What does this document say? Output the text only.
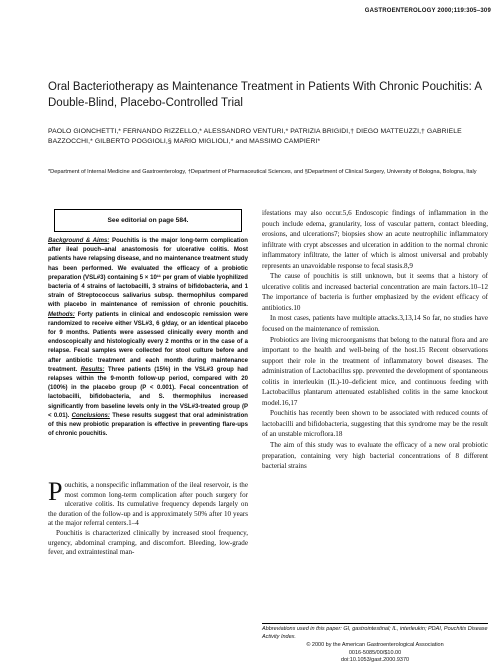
GASTROENTEROLOGY 2000;119:305–309
Oral Bacteriotherapy as Maintenance Treatment in Patients With Chronic Pouchitis: A Double-Blind, Placebo-Controlled Trial
PAOLO GIONCHETTI,* FERNANDO RIZZELLO,* ALESSANDRO VENTURI,* PATRIZIA BRIGIDI,† DIEGO MATTEUZZI,† GABRIELE BAZZOCCHI,* GILBERTO POGGIOLI,§ MARIO MIGLIOLI,* and MASSIMO CAMPIERI*
*Department of Internal Medicine and Gastroenterology, †Department of Pharmaceutical Sciences, and §Department of Clinical Surgery, University of Bologna, Bologna, Italy
See editorial on page 584.
Background & Aims: Pouchitis is the major long-term complication after ileal pouch–anal anastomosis for ulcerative colitis. Most patients have relapsing disease, and no maintenance treatment study has been performed. We evaluated the efficacy of a probiotic preparation (VSL#3) containing 5 × 10¹¹ per gram of viable lyophilized bacteria of 4 strains of lactobacilli, 3 strains of bifidobacteria, and 1 strain of Streptococcus salivarius subsp. thermophilus compared with placebo in maintenance of remission of chronic pouchitis. Methods: Forty patients in clinical and endoscopic remission were randomized to receive either VSL#3, 6 g/day, or an identical placebo for 9 months. Patients were assessed clinically every month and endoscopically and histologically every 2 months or in the case of a relapse. Fecal samples were collected for stool culture before and after antibiotic treatment and each month during maintenance treatment. Results: Three patients (15%) in the VSL#3 group had relapses within the 9-month follow-up period, compared with 20 (100%) in the placebo group (P < 0.001). Fecal concentration of lactobacilli, bifidobacteria, and S. thermophilus increased significantly from baseline levels only in the VSL#3-treated group (P < 0.01). Conclusions: These results suggest that oral administration of this new probiotic preparation is effective in preventing flare-ups of chronic pouchitis.

Pouchitis, a nonspecific inflammation of the ileal reservoir, is the most common long-term complication after pouch surgery for ulcerative colitis. Its cumulative frequency depends largely on the duration of the follow-up and is approximately 50% after 10 years at the major referral centers.1–4

Pouchitis is characterized clinically by increased stool frequency, urgency, abdominal cramping, and discomfort. Bleeding, low-grade fever, and extraintestinal man-

ifestations may also occur.5,6 Endoscopic findings of inflammation in the pouch include edema, granularity, loss of vascular pattern, contact bleeding, erosions, and ulcerations7; biopsies show an acute neutrophilic inflammatory infiltrate with crypt abscesses and ulceration in addition to the normal chronic inflammatory infiltrate, the latter of which is almost universal and probably represents an unavoidable response to fecal stasis.8,9

The cause of pouchitis is still unknown, but it seems that a history of ulcerative colitis and increased bacterial concentration are main factors.10–12 The importance of bacteria is further emphasized by the evident efficacy of antibiotics.10

In most cases, patients have multiple attacks.3,13,14 So far, no studies have focused on the maintenance of remission.

Probiotics are living microorganisms that belong to the natural flora and are important to the health and well-being of the host.15 Recent observations support their role in the treatment of inflammatory bowel diseases. The administration of Lactobacillus spp. prevented the development of spontaneous colitis in interleukin (IL)-10–deficient mice, and continuous feeding with Lactobacillus plantarum attenuated established colitis in the same knockout model.16,17

Pouchitis has recently been shown to be associated with reduced counts of lactobacilli and bifidobacteria, suggesting that this syndrome may be the result of an unstable microflora.18

The aim of this study was to evaluate the efficacy of a new oral probiotic preparation, containing very high bacterial concentrations of 8 different bacterial strains

Abbreviations used in this paper: GI, gastrointestinal; IL, interleukin; PDAI, Pouchitis Disease Activity Index.
© 2000 by the American Gastroenterological Association
0016-5085/00/$10.00
doi:10.1053/gast.2000.9370
